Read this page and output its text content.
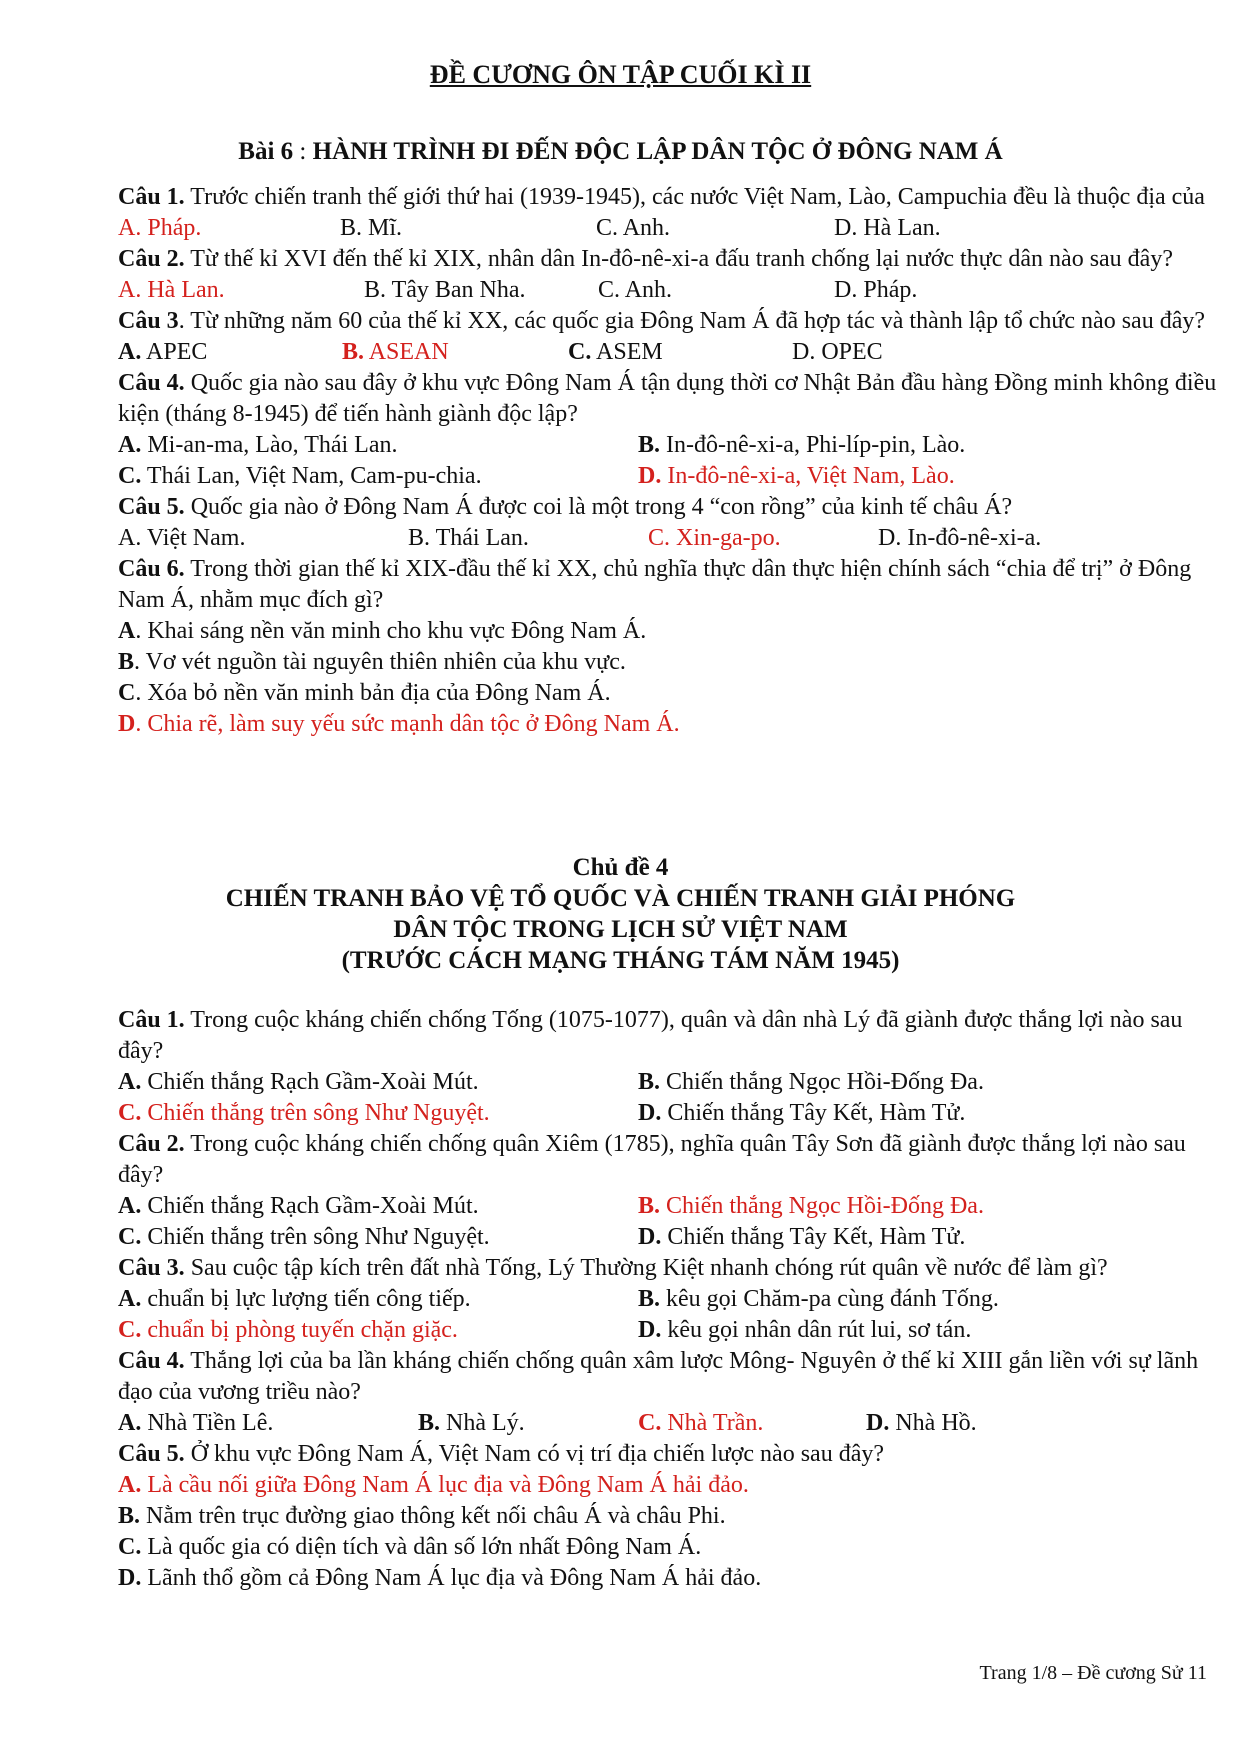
ĐỀ CƯƠNG ÔN TẬP CUỐI KÌ II
Bài 6 : HÀNH TRÌNH ĐI ĐẾN ĐỘC LẬP DÂN TỘC Ở ĐÔNG NAM Á
Câu 1. Trước chiến tranh thế giới thứ hai (1939-1945), các nước Việt Nam, Lào, Campuchia đều là thuộc địa của
A. Pháp.	B. Mĩ.	C. Anh.	D. Hà Lan.
Câu 2. Từ thế kỉ XVI đến thế kỉ XIX, nhân dân In-đô-nê-xi-a đấu tranh chống lại nước thực dân nào sau đây?
A. Hà Lan.	B. Tây Ban Nha.	C. Anh.	D. Pháp.
Câu 3. Từ những năm 60 của thế kỉ XX, các quốc gia Đông Nam Á đã hợp tác và thành lập tổ chức nào sau đây?
A. APEC	B. ASEAN	C. ASEM	D. OPEC
Câu 4. Quốc gia nào sau đây ở khu vực Đông Nam Á tận dụng thời cơ Nhật Bản đầu hàng Đồng minh không điều kiện (tháng 8-1945) để tiến hành giành độc lập?
A. Mi-an-ma, Lào, Thái Lan.	B. In-đô-nê-xi-a, Phi-líp-pin, Lào.
C. Thái Lan, Việt Nam, Cam-pu-chia.	D. In-đô-nê-xi-a, Việt Nam, Lào.
Câu 5. Quốc gia nào ở Đông Nam Á được coi là một trong 4 “con rồng” của kinh tế châu Á?
A. Việt Nam.	B. Thái Lan.	C. Xin-ga-po.	D. In-đô-nê-xi-a.
Câu 6. Trong thời gian thế kỉ XIX-đầu thế kỉ XX, chủ nghĩa thực dân thực hiện chính sách “chia để trị” ở Đông Nam Á, nhằm mục đích gì?
A. Khai sáng nền văn minh cho khu vực Đông Nam Á.
B. Vơ vét nguồn tài nguyên thiên nhiên của khu vực.
C. Xóa bỏ nền văn minh bản địa của Đông Nam Á.
D. Chia rẽ, làm suy yếu sức mạnh dân tộc ở Đông Nam Á.
Chủ đề 4
CHIẾN TRANH BẢO VỆ TỔ QUỐC VÀ CHIẾN TRANH GIẢI PHÓNG
DÂN TỘC TRONG LỊCH SỬ VIỆT NAM
(TRƯỚC CÁCH MẠNG THÁNG TÁM NĂM 1945)
Câu 1. Trong cuộc kháng chiến chống Tống (1075-1077), quân và dân nhà Lý đã giành được thắng lợi nào sau đây?
A. Chiến thắng Rạch Gầm-Xoài Mút.	B. Chiến thắng Ngọc Hồi-Đống Đa.
C. Chiến thắng trên sông Như Nguyệt.	D. Chiến thắng Tây Kết, Hàm Tử.
Câu 2. Trong cuộc kháng chiến chống quân Xiêm (1785), nghĩa quân Tây Sơn đã giành được thắng lợi nào sau đây?
A. Chiến thắng Rạch Gầm-Xoài Mút.	B. Chiến thắng Ngọc Hồi-Đống Đa.
C. Chiến thắng trên sông Như Nguyệt.	D. Chiến thắng Tây Kết, Hàm Tử.
Câu 3. Sau cuộc tập kích trên đất nhà Tống, Lý Thường Kiệt nhanh chóng rút quân về nước để làm gì?
A. chuẩn bị lực lượng tiến công tiếp.	B. kêu gọi Chăm-pa cùng đánh Tống.
C. chuẩn bị phòng tuyến chặn giặc.	D. kêu gọi nhân dân rút lui, sơ tán.
Câu 4. Thắng lợi của ba lần kháng chiến chống quân xâm lược Mông- Nguyên ở thế kỉ XIII gắn liền với sự lãnh đạo của vương triều nào?
A. Nhà Tiền Lê.	B. Nhà Lý.	C. Nhà Trần.	D. Nhà Hồ.
Câu 5. Ở khu vực Đông Nam Á, Việt Nam có vị trí địa chiến lược nào sau đây?
A. Là cầu nối giữa Đông Nam Á lục địa và Đông Nam Á hải đảo.
B. Nằm trên trục đường giao thông kết nối châu Á và châu Phi.
C. Là quốc gia có diện tích và dân số lớn nhất Đông Nam Á.
D. Lãnh thổ gồm cả Đông Nam Á lục địa và Đông Nam Á hải đảo.
Trang 1/8 – Đề cương Sử 11
